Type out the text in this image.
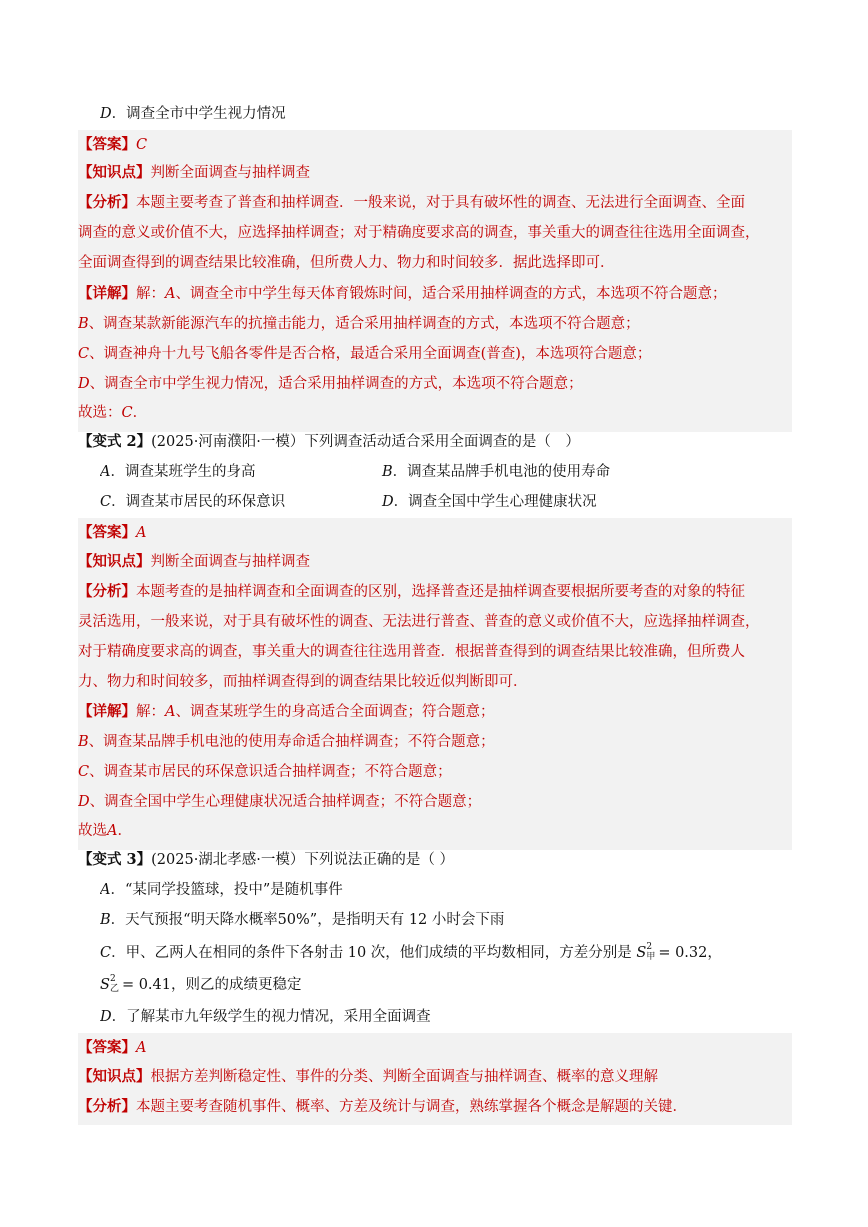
D．调查全市中学生视力情况
【答案】C
【知识点】判断全面调查与抽样调查
【分析】本题主要考查了普查和抽样调查．一般来说，对于具有破坏性的调查、无法进行全面调查、全面
调查的意义或价值不大，应选择抽样调查；对于精确度要求高的调查，事关重大的调查往往选用全面调查，
全面调查得到的调查结果比较准确，但所费人力、物力和时间较多．据此选择即可．
【详解】解：A、调查全市中学生每天体育锻炼时间，适合采用抽样调查的方式，本选项不符合题意；
B、调查某款新能源汽车的抗撞击能力，适合采用抽样调查的方式，本选项不符合题意；
C、调查神舟十九号飞船各零件是否合格，最适合采用全面调查(普查)，本选项符合题意；
D、调查全市中学生视力情况，适合采用抽样调查的方式，本选项不符合题意；
故选：C．
【变式 2】(2025·河南濮阳·一模）下列调查活动适合采用全面调查的是（　）
A．调查某班学生的身高	B．调查某品牌手机电池的使用寿命
C．调查某市居民的环保意识	D．调查全国中学生心理健康状况
【答案】A
【知识点】判断全面调查与抽样调查
【分析】本题考查的是抽样调查和全面调查的区别，选择普查还是抽样调查要根据所要考查的对象的特征
灵活选用，一般来说，对于具有破坏性的调查、无法进行普查、普查的意义或价值不大，应选择抽样调查，
对于精确度要求高的调查，事关重大的调查往往选用普查．根据普查得到的调查结果比较准确，但所费人
力、物力和时间较多，而抽样调查得到的调查结果比较近似判断即可．
【详解】解：A、调查某班学生的身高适合全面调查；符合题意；
B、调查某品牌手机电池的使用寿命适合抽样调查；不符合题意；
C、调查某市居民的环保意识适合抽样调查；不符合题意；
D、调查全国中学生心理健康状况适合抽样调查；不符合题意；
故选A．
【变式 3】(2025·湖北孝感·一模）下列说法正确的是（ ）
A．“某同学投篮球，投中”是随机事件
B．天气预报“明天降水概率50%”，是指明天有 12 小时会下雨
C．甲、乙两人在相同的条件下各射击 10 次，他们成绩的平均数相同，方差分别是 S 2
甲 = 0.32，
S 2
乙 = 0.41，则乙的成绩更稳定
D．了解某市九年级学生的视力情况，采用全面调查
【答案】A
【知识点】根据方差判断稳定性、事件的分类、判断全面调查与抽样调查、概率的意义理解
【分析】本题主要考查随机事件、概率、方差及统计与调查，熟练掌握各个概念是解题的关键．
